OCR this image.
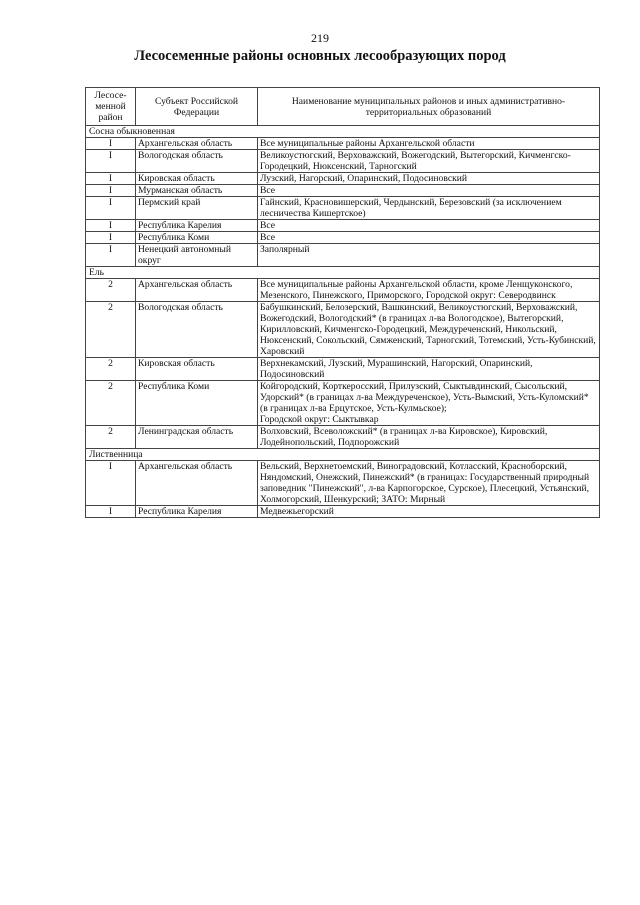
219
Лесосеменные районы основных лесообразующих пород
Лесосе-
менной
район	Субъект Российской Федерации	Наименование муниципальных районов и иных административно-территориальных образований
Сосна обыкновенная		
I	Архангельская область	Все муниципальные районы Архангельской области
I	Вологодская область	Великоустюгский, Верховажский, Вожегодский, Вытегорский, Кичменгско-Городецкий, Нюксенский, Тарногский
I	Кировская область	Лузский, Нагорский, Опаринский, Подосиновский
I	Мурманская область	Все
I	Пермский край	Гайнский, Красновишерский, Чердынский, Березовский (за исключением лесничества Кишертское)
I	Республика Карелия	Все
I	Республика Коми	Все
I	Ненецкий автономный округ	Заполярный
Ель		
2	Архангельская область	Все муниципальные районы Архангельской области, кроме Ленщуконского, Мезенского, Пинежского, Приморского, Городской округ: Северодвинск
2	Вологодская область	Бабушкинский, Белозерский, Вашкинский, Великоустюгский, Верховажский, Вожегодский, Вологодский* (в границах л-ва Вологодское), Вытегорский, Кирилловский, Кичменгско-Городецкий, Междуреченский, Никольский, Нюксенский, Сокольский, Сямженский, Тарногский, Тотемский, Усть-Кубинский, Харовский
2	Кировская область	Верхнекамский, Лузский, Мурашинский, Нагорский, Опаринский, Подосиновский
2	Республика Коми	Койгородский, Корткеросский, Прилузский, Сыктывдинский, Сысольский, Удорский* (в границах л-ва Междуреченское), Усть-Вымский, Усть-Куломский* (в границах л-ва Ерцутское, Усть-Кулмьское);
Городской округ: Сыктывкар
2	Ленинградская область	Волховский, Всеволожский* (в границах л-ва Кировское), Кировский, Лодейнопольский, Подпорожский
Лиственница		
I	Архангельская область	Вельский, Верхнетоемский, Виноградовский, Котласский, Красноборский, Няндомский, Онежский, Пинежский* (в границах: Государственный природный заповедник "Пинежский", л-ва Карпогорское, Сурское), Плесецкий, Устьянский, Холмогорский, Шенкурский; ЗАТО: Мирный
I	Республика Карелия	Медвежьегорский
